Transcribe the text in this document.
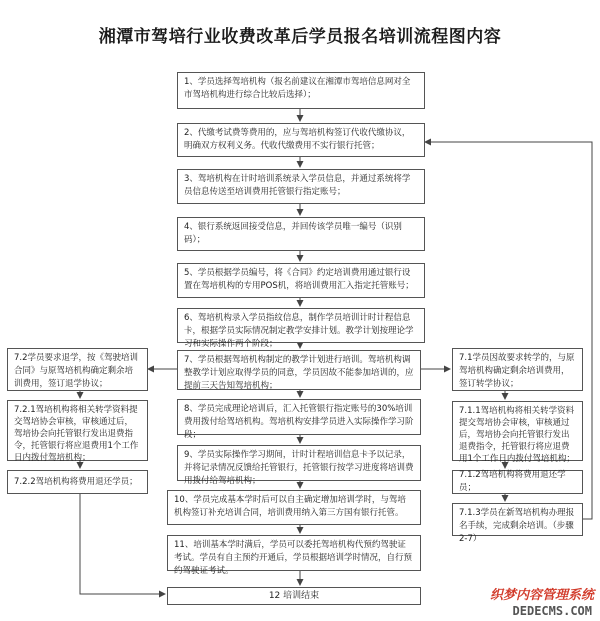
湘潭市驾培行业收费改革后学员报名培训流程图内容
1、学员选择驾培机构（报名前建议在湘潭市驾培信息网对全市驾培机构进行综合比较后选择）；
2、代缴考试费等费用的，应与驾培机构签订代收代缴协议，明确双方权利义务。代收代缴费用不实行银行托管；
3、驾培机构在计时培训系统录入学员信息，并通过系统将学员信息传送至培训费用托管银行指定账号；
4、银行系统返回接受信息，并回传该学员唯一编号（识别码）；
5、学员根据学员编号，将《合同》约定培训费用通过银行设置在驾培机构的专用POS机，将培训费用汇入指定托管账号；
6、驾培机构录入学员指纹信息，制作学员培训计时计程信息卡，根据学员实际情况制定教学安排计划。教学计划按理论学习和实际操作两个阶段；
7、学员根据驾培机构制定的教学计划进行培训。驾培机构调整教学计划应取得学员的同意，学员因故不能参加培训的，应提前三天告知驾培机构；
8、学员完成理论培训后，汇入托管银行指定账号的30%培训费用拨付给驾培机构。驾培机构安排学员进入实际操作学习阶段；
9、学员实际操作学习期间，计时计程培训信息卡予以记录，并将记录情况反馈给托管银行，托管银行按学习进度将培训费用拨付给驾培机构；
10、学员完成基本学时后可以自主确定增加培训学时，与驾培机构签订补充培训合同，培训费用纳入第三方国有银行托管。
11、培训基本学时满后，学员可以委托驾培机构代预约驾驶证考试。学员有自主预约开通后，学员根据培训学时情况，自行预约驾驶证考试。
12 培训结束
7.2学员要求退学，按《驾驶培训合同》与原驾培机构确定剩余培训费用，签订退学协议；
7.2.1驾培机构将相关转学资料提交驾培协会审核，审核通过后，驾培协会向托管银行发出退费指令，托管银行将应退费用1个工作日内拨付驾培机构；
7.2.2驾培机构将费用退还学员；
7.1学员因故要求转学的，与原驾培机构确定剩余培训费用，签订转学协议；
7.1.1驾培机构将相关转学资料提交驾培协会审核，审核通过后，驾培协会向托管银行发出退费指令，托管银行将应退费用1个工作日内拨付驾培机构；
7.1.2驾培机构将费用退还学员；
7.1.3学员在新驾培机构办理报名手续，完成剩余培训。（步骤2-7）
织梦内容管理系统
DEDECMS.COM
